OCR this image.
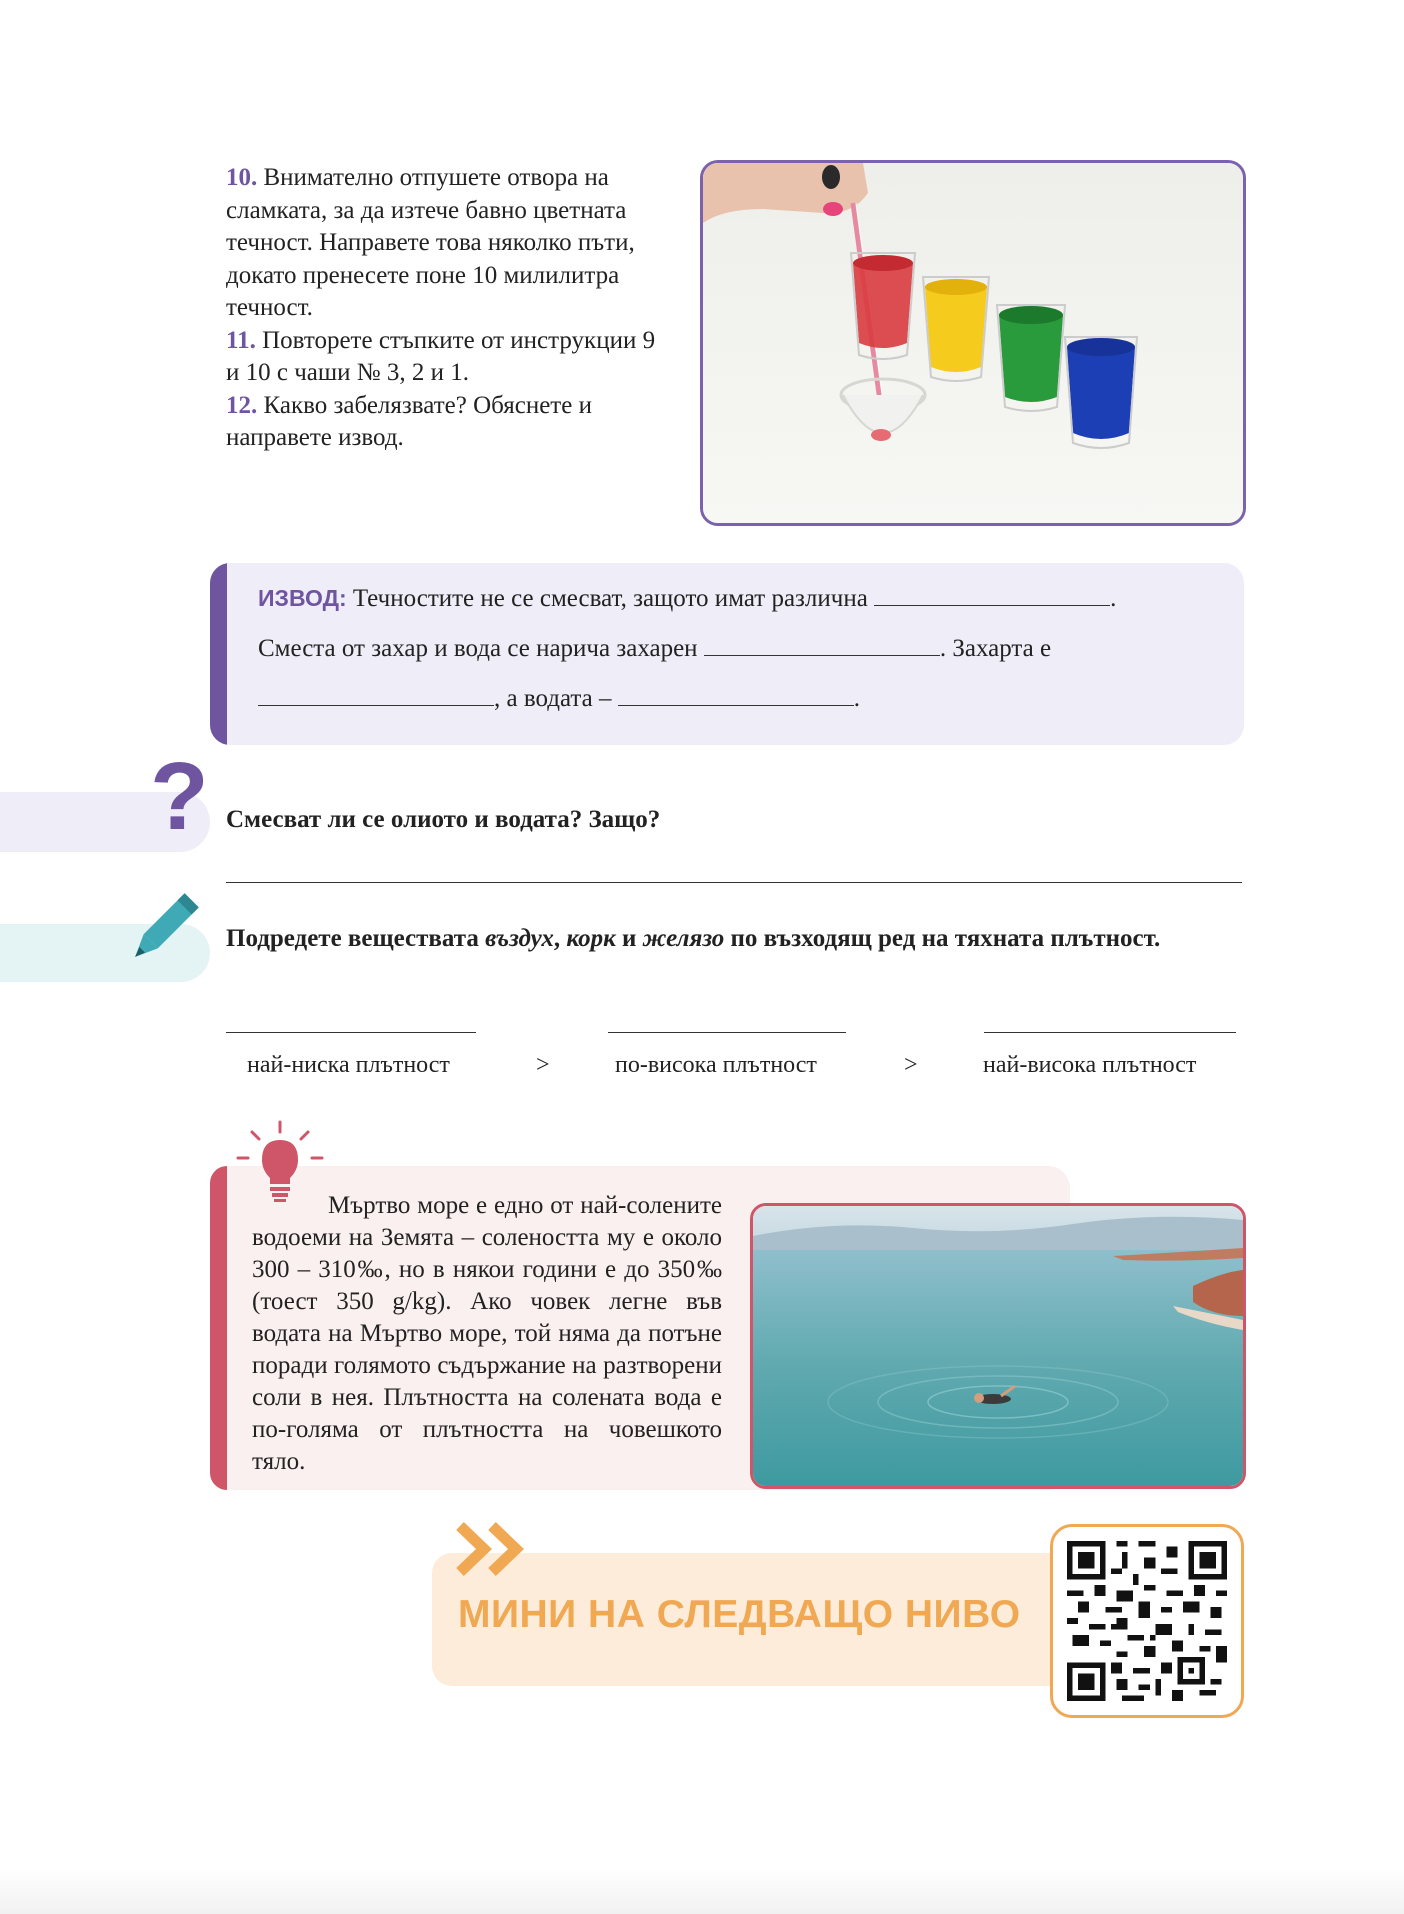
10. Внимателно отпушете отвора на сламката, за да изтече бавно цветната течност. Направете това няколко пъти, докато пренесете поне 10 милилитра течност.

11. Повторете стъпките от инструкции 9 и 10 с чаши № 3, 2 и 1.

12. Какво забелязвате? Обяснете и направете извод.

ИЗВОД: Течностите не се смесват, защото имат различна	.
Сместа от захар и вода се нарича захарен	. Захарта е
, а водата –	.
? Смесват ли се олиото и водата? Защо?
Подредете веществата въздух, корк и желязо по възходящ ред на тяхната плътност.
най-ниска плътност	>	по-висока плътност	>	най-висока плътност
Мъртво море е едно от най-солените водоеми на Земята – солеността му е около 300 – 310‰, но в някои години е до 350‰ (тоест 350 g/kg). Ако човек легне във водата на Мъртво море, той няма да потъне поради голямото съдържание на разтворени соли в нея. Плътността на солената вода е по-голяма от плътността на човешкото тяло.
МИНИ НА СЛЕДВАЩО НИВО
